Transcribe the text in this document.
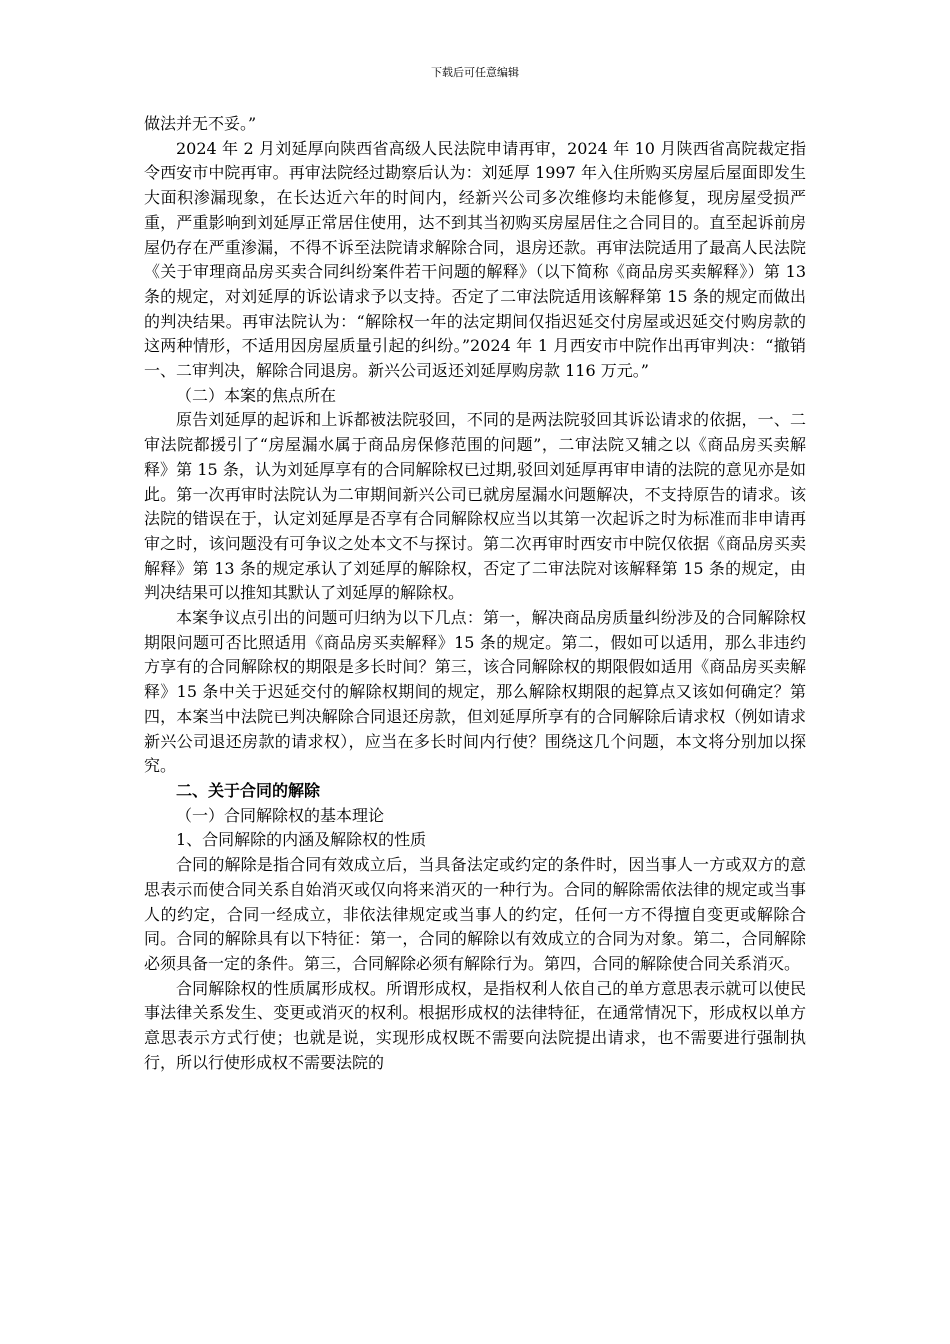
下载后可任意编辑

做法并无不妥。”

2024 年 2 月刘延厚向陕西省高级人民法院申请再审，2024 年 10 月陕西省高院裁定指令西安市中院再审。再审法院经过勘察后认为：刘延厚 1997 年入住所购买房屋后屋面即发生大面积渗漏现象，在长达近六年的时间内，经新兴公司多次维修均未能修复，现房屋受损严重，严重影响到刘延厚正常居住使用，达不到其当初购买房屋居住之合同目的。直至起诉前房屋仍存在严重渗漏，不得不诉至法院请求解除合同，退房还款。再审法院适用了最高人民法院《关于审理商品房买卖合同纠纷案件若干问题的解释》（以下简称《商品房买卖解释》）第 13 条的规定，对刘延厚的诉讼请求予以支持。否定了二审法院适用该解释第 15 条的规定而做出的判决结果。再审法院认为：“解除权一年的法定期间仅指迟延交付房屋或迟延交付购房款的这两种情形，不适用因房屋质量引起的纠纷。”2024 年 1 月西安市中院作出再审判决：“撤销一、二审判决，解除合同退房。新兴公司返还刘延厚购房款 116 万元。”

（二）本案的焦点所在

原告刘延厚的起诉和上诉都被法院驳回，不同的是两法院驳回其诉讼请求的依据，一、二审法院都援引了“房屋漏水属于商品房保修范围的问题”，二审法院又辅之以《商品房买卖解释》第 15 条，认为刘延厚享有的合同解除权已过期,驳回刘延厚再审申请的法院的意见亦是如此。第一次再审时法院认为二审期间新兴公司已就房屋漏水问题解决，不支持原告的请求。该法院的错误在于，认定刘延厚是否享有合同解除权应当以其第一次起诉之时为标准而非申请再审之时，该问题没有可争议之处本文不与探讨。第二次再审时西安市中院仅依据《商品房买卖解释》第 13 条的规定承认了刘延厚的解除权，否定了二审法院对该解释第 15 条的规定，由判决结果可以推知其默认了刘延厚的解除权。

本案争议点引出的问题可归纳为以下几点：第一，解决商品房质量纠纷涉及的合同解除权期限问题可否比照适用《商品房买卖解释》15 条的规定。第二，假如可以适用，那么非违约方享有的合同解除权的期限是多长时间？第三，该合同解除权的期限假如适用《商品房买卖解释》15 条中关于迟延交付的解除权期间的规定，那么解除权期限的起算点又该如何确定？第四，本案当中法院已判决解除合同退还房款，但刘延厚所享有的合同解除后请求权（例如请求新兴公司退还房款的请求权），应当在多长时间内行使？围绕这几个问题，本文将分别加以探究。

二、关于合同的解除

（一）合同解除权的基本理论

1、合同解除的内涵及解除权的性质

合同的解除是指合同有效成立后，当具备法定或约定的条件时，因当事人一方或双方的意思表示而使合同关系自始消灭或仅向将来消灭的一种行为。合同的解除需依法律的规定或当事人的约定，合同一经成立，非依法律规定或当事人的约定，任何一方不得擅自变更或解除合同。合同的解除具有以下特征：第一，合同的解除以有效成立的合同为对象。第二，合同解除必须具备一定的条件。第三，合同解除必须有解除行为。第四，合同的解除使合同关系消灭。

合同解除权的性质属形成权。所谓形成权，是指权利人依自己的单方意思表示就可以使民事法律关系发生、变更或消灭的权利。根据形成权的法律特征，在通常情况下，形成权以单方意思表示方式行使；也就是说，实现形成权既不需要向法院提出请求，也不需要进行强制执行，所以行使形成权不需要法院的
